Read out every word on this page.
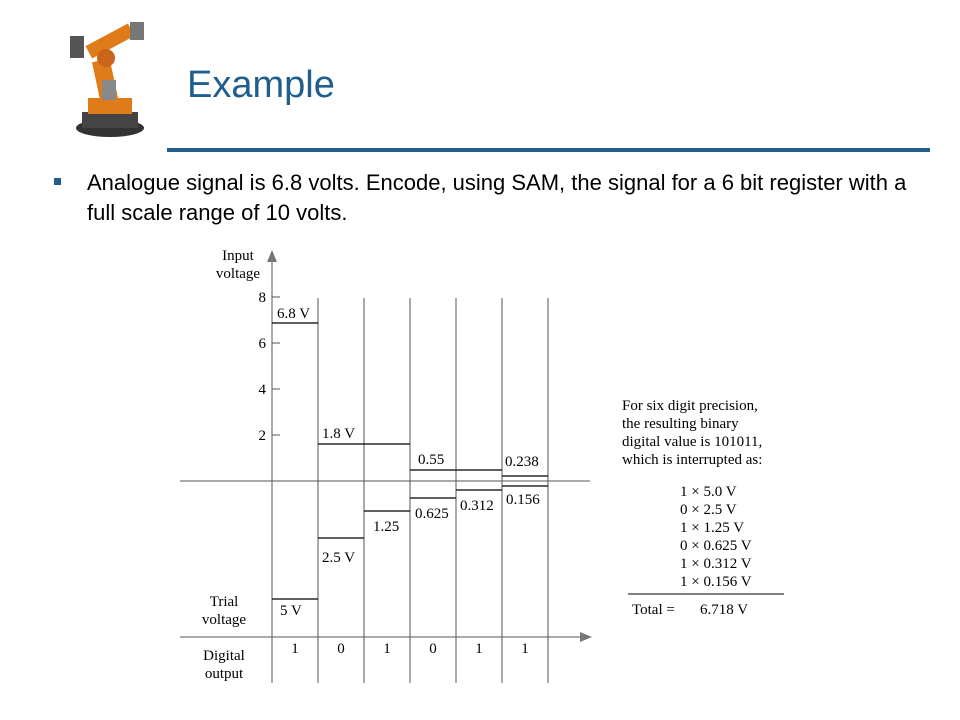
Example

Analogue signal is 6.8 volts. Encode, using SAM, the signal for a 6 bit register with a full scale range of 10 volts.

Input
voltage
8
6
4
2
6.8 V
1.8 V
0.55	0.238
5 V
2.5 V
1.25
0.625 0.312 0.156
Trial
voltage
Digital
output
1	0	1	0	1	1
For six digit precision,
the resulting binary
digital value is 101011,
which is interrupted as:
1 × 5.0 V
0 × 2.5 V
1 × 1.25 V
0 × 0.625 V
1 × 0.312 V
1 × 0.156 V
Total = 6.718 V
